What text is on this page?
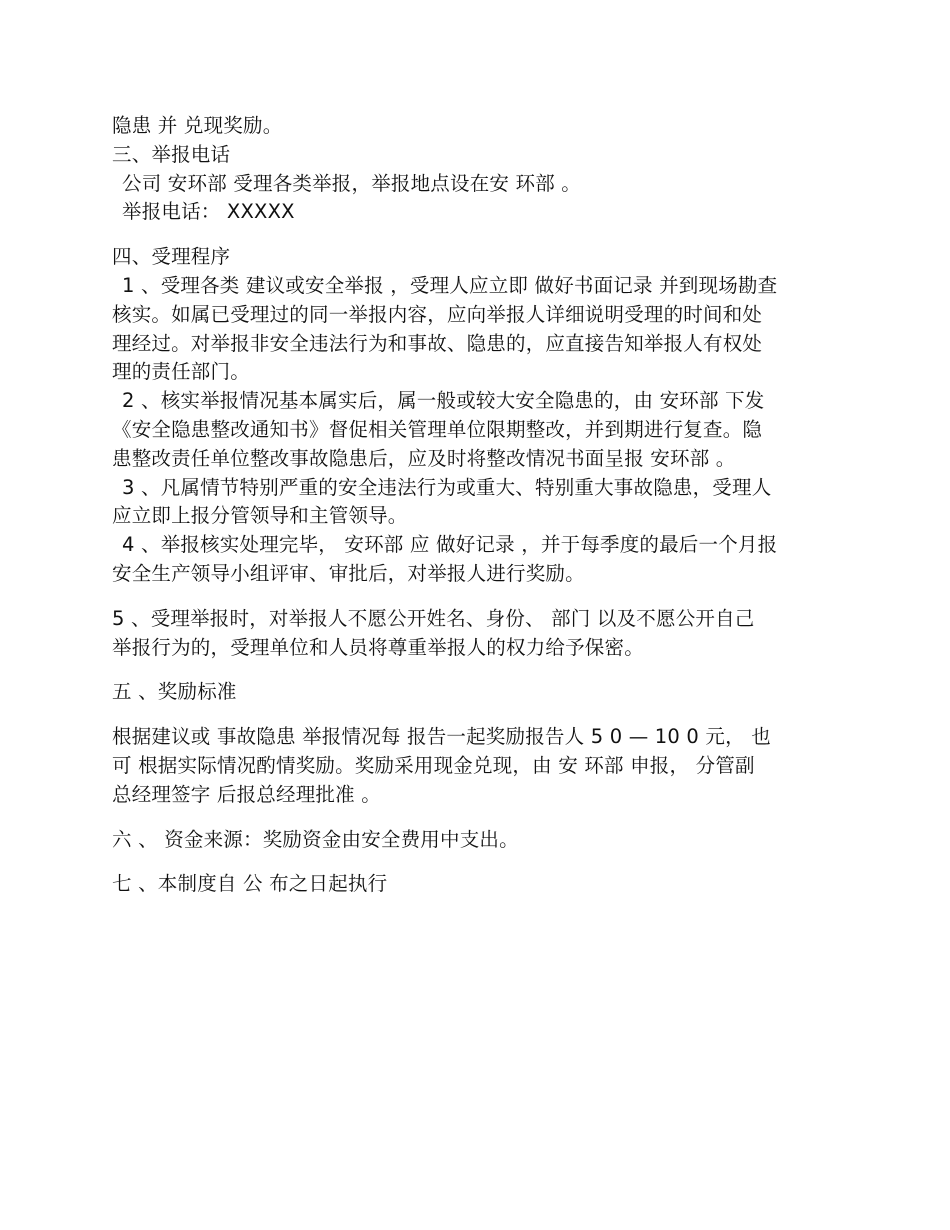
隐患 并 兑现奖励。
三、举报电话
公司 安环部 受理各类举报，举报地点设在安 环部 。
举报电话： XXXXX
四、受理程序
1 、受理各类 建议或安全举报 ，受理人应立即 做好书面记录 并到现场勘查
核实。如属已受理过的同一举报内容，应向举报人详细说明受理的时间和处
理经过。对举报非安全违法行为和事故、隐患的，应直接告知举报人有权处
理的责任部门。
2 、核实举报情况基本属实后，属一般或较大安全隐患的，由 安环部 下发
《安全隐患整改通知书》督促相关管理单位限期整改，并到期进行复查。隐
患整改责任单位整改事故隐患后，应及时将整改情况书面呈报 安环部 。
3 、凡属情节特别严重的安全违法行为或重大、特别重大事故隐患，受理人
应立即上报分管领导和主管领导。
4 、举报核实处理完毕， 安环部 应 做好记录 ，并于每季度的最后一个月报
安全生产领导小组评审、审批后，对举报人进行奖励。
5 、受理举报时，对举报人不愿公开姓名、身份、 部门 以及不愿公开自己
举报行为的，受理单位和人员将尊重举报人的权力给予保密。
五 、奖励标准
根据建议或 事故隐患 举报情况每 报告一起奖励报告人 5 0 — 10 0 元， 也
可 根据实际情况酌情奖励。奖励采用现金兑现，由 安 环部 申报， 分管副
总经理签字 后报总经理批准 。
六 、 资金来源：奖励资金由安全费用中支出。
七 、本制度自 公 布之日起执行
